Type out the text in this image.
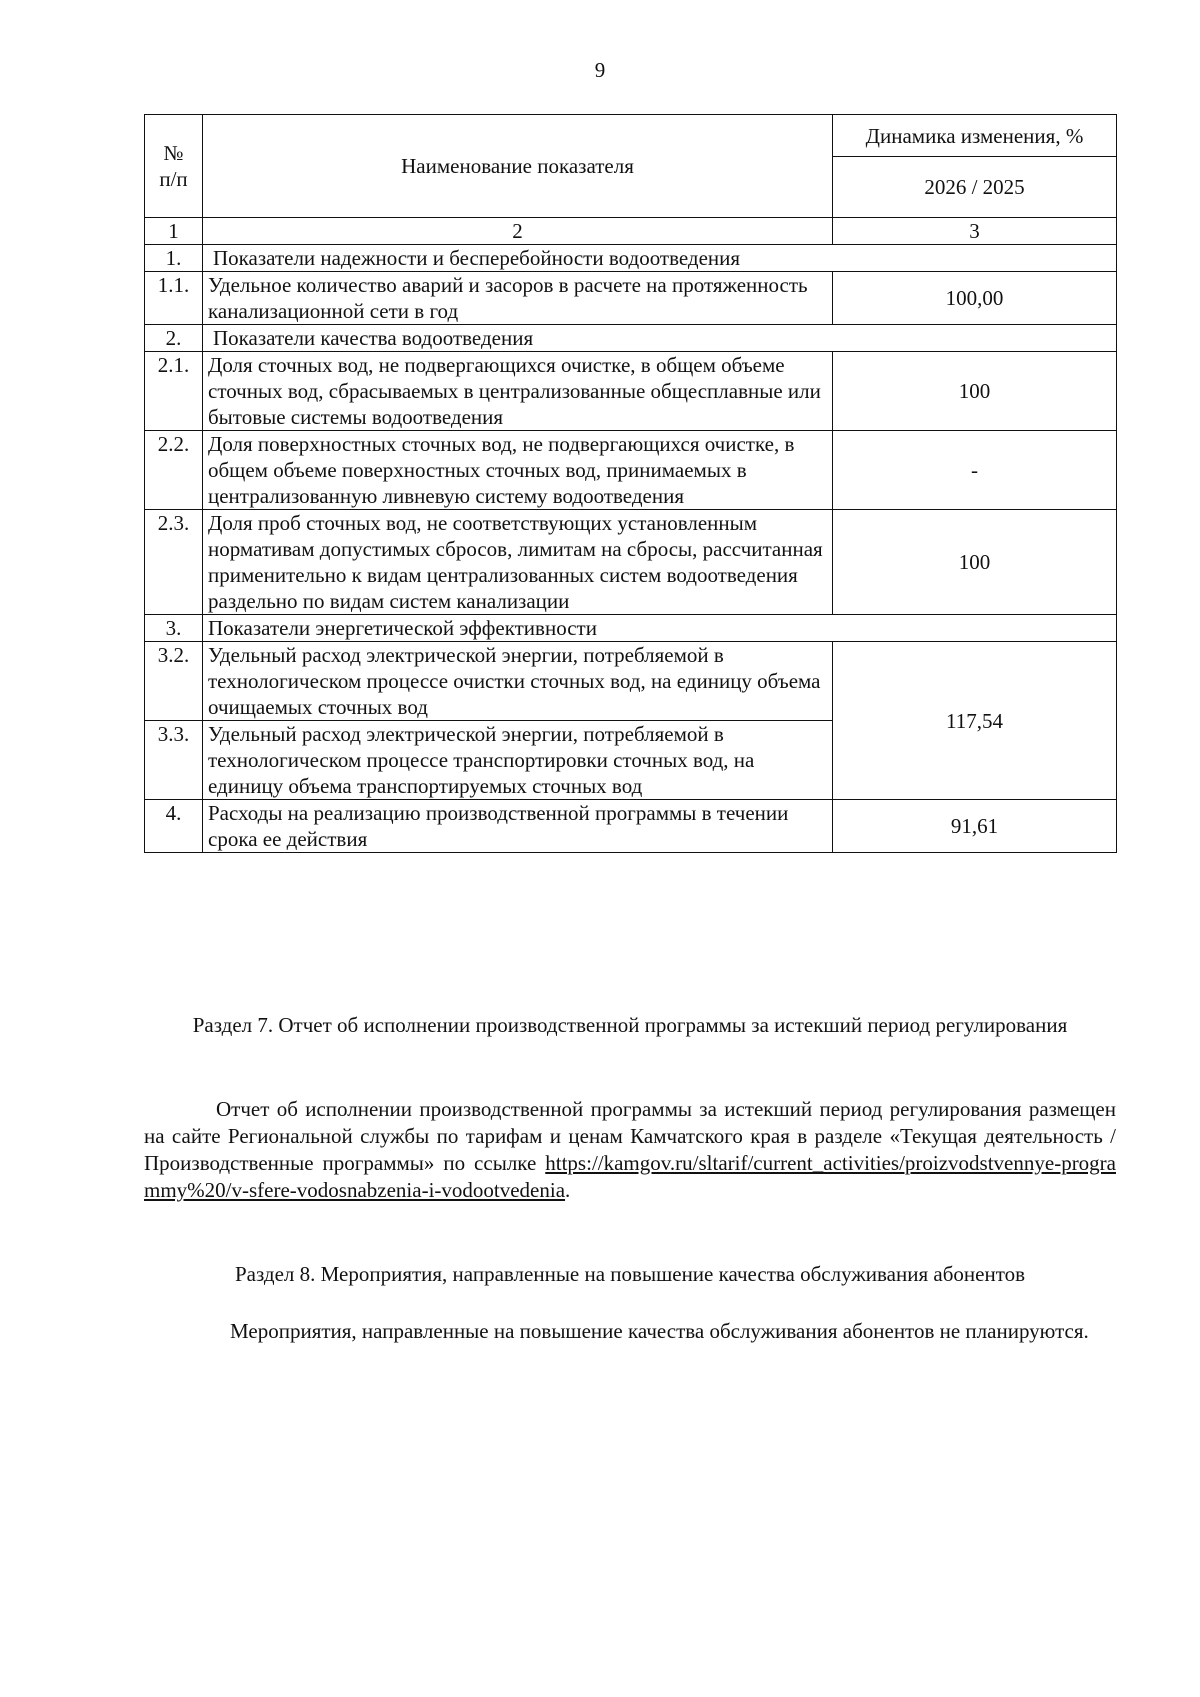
9
№
п/п	Наименование показателя	Динамика изменения, %
		2026 / 2025
1	2	3
1.	Показатели надежности и бесперебойности водоотведения	
1.1.	Удельное количество аварий и засоров в расчете на протяженность канализационной сети в год	100,00
2.	Показатели качества водоотведения	
2.1.	Доля сточных вод, не подвергающихся очистке, в общем объеме сточных вод, сбрасываемых в централизованные общесплавные или бытовые системы водоотведения	100
2.2.	Доля поверхностных сточных вод, не подвергающихся очистке, в общем объеме поверхностных сточных вод, принимаемых в централизованную ливневую систему водоотведения	-
2.3.	Доля проб сточных вод, не соответствующих установленным нормативам допустимых сбросов, лимитам на сбросы, рассчитанная применительно к видам централизованных систем водоотведения раздельно по видам систем канализации	100
3.	Показатели энергетической эффективности	
3.2.	Удельный расход электрической энергии, потребляемой в технологическом процессе очистки сточных вод, на единицу объема очищаемых сточных вод	117,54
3.3.	Удельный расход электрической энергии, потребляемой в технологическом процессе транспортировки сточных вод, на единицу объема транспортируемых сточных вод	
4.	Расходы на реализацию производственной программы в течении срока ее действия	91,61
Раздел 7. Отчет об исполнении производственной программы за истекший период регулирования
Отчет об исполнении производственной программы за истекший период регулирования размещен на сайте Региональной службы по тарифам и ценам Камчатского края в разделе «Текущая деятельность / Производственные программы» по ссылке https://kamgov.ru/sltarif/current_activities/proizvodstvennye-programmy%20/v-sfere-vodosnabzenia-i-vodootvedenia.
Раздел 8. Мероприятия, направленные на повышение качества обслуживания абонентов
Мероприятия, направленные на повышение качества обслуживания абонентов не планируются.
